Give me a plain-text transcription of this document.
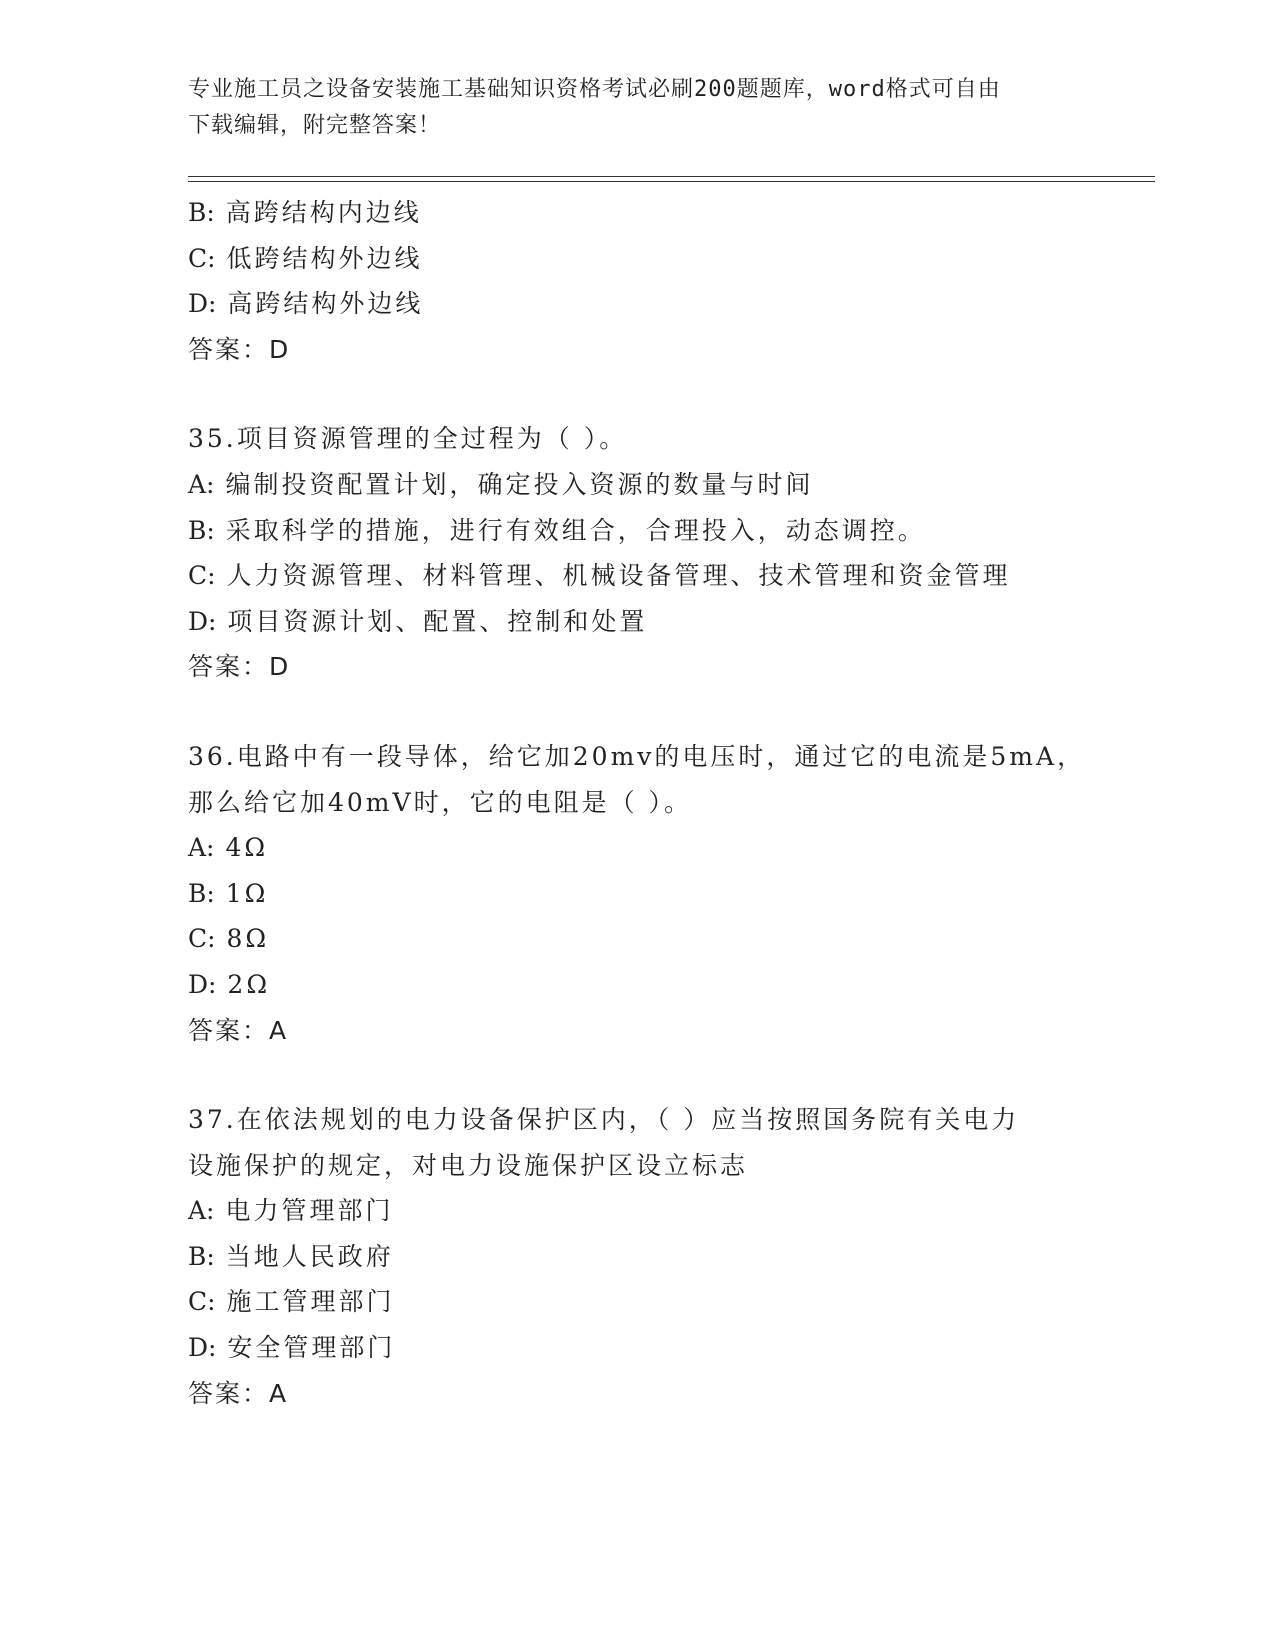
专业施工员之设备安装施工基础知识资格考试必刷200题题库，word格式可自由
下载编辑，附完整答案！
B: 高跨结构内边线
C: 低跨结构外边线
D: 高跨结构外边线
答案：D
35.项目资源管理的全过程为（ ）。
A: 编制投资配置计划，确定投入资源的数量与时间
B: 采取科学的措施，进行有效组合，合理投入，动态调控。
C: 人力资源管理、材料管理、机械设备管理、技术管理和资金管理
D: 项目资源计划、配置、控制和处置
答案：D
36.电路中有一段导体，给它加20mv的电压时，通过它的电流是5mA，
那么给它加40mV时，它的电阻是（ ）。
A: 4Ω
B: 1Ω
C: 8Ω
D: 2Ω
答案：A
37.在依法规划的电力设备保护区内，（ ）应当按照国务院有关电力
设施保护的规定，对电力设施保护区设立标志
A: 电力管理部门
B: 当地人民政府
C: 施工管理部门
D: 安全管理部门
答案：A
